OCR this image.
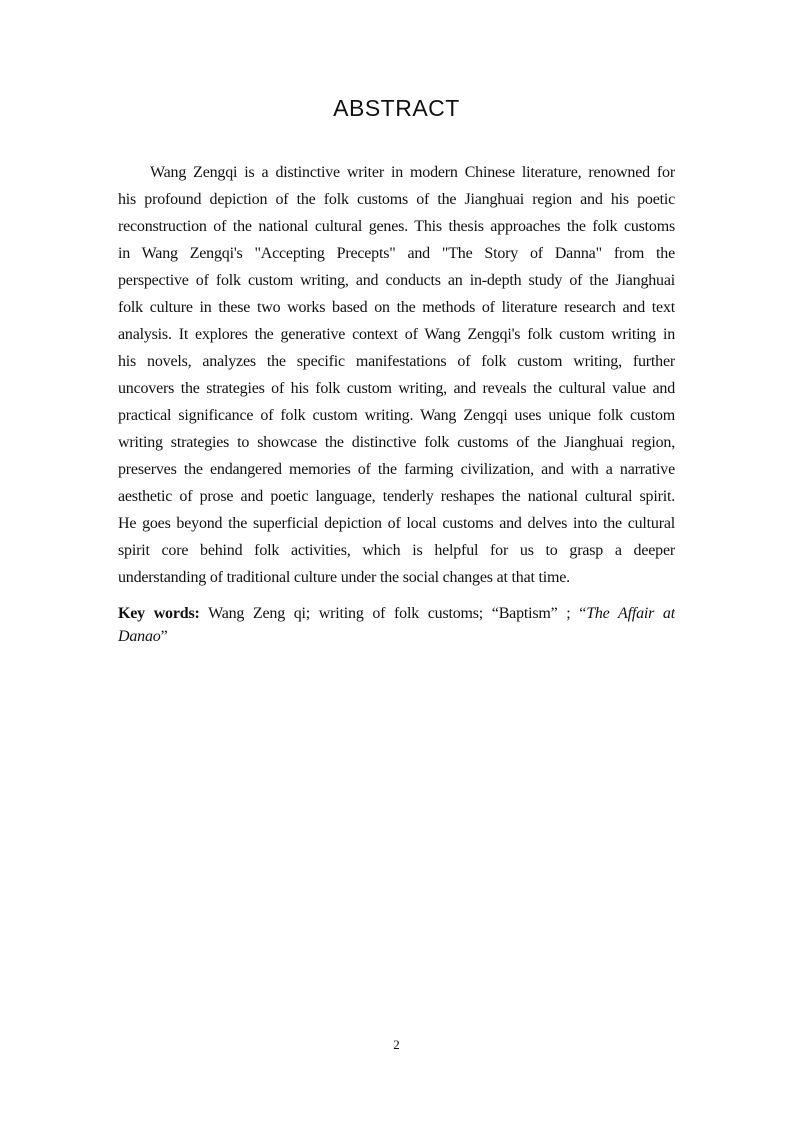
ABSTRACT
Wang Zengqi is a distinctive writer in modern Chinese literature, renowned for
his profound depiction of the folk customs of the Jianghuai region and his poetic
reconstruction of the national cultural genes. This thesis approaches the folk customs
in Wang Zengqi's "Accepting Precepts" and "The Story of Danna" from the
perspective of folk custom writing, and conducts an in-depth study of the Jianghuai
folk culture in these two works based on the methods of literature research and text
analysis. It explores the generative context of Wang Zengqi's folk custom writing in
his novels, analyzes the specific manifestations of folk custom writing, further
uncovers the strategies of his folk custom writing, and reveals the cultural value and
practical significance of folk custom writing. Wang Zengqi uses unique folk custom
writing strategies to showcase the distinctive folk customs of the Jianghuai region,
preserves the endangered memories of the farming civilization, and with a narrative
aesthetic of prose and poetic language, tenderly reshapes the national cultural spirit.
He goes beyond the superficial depiction of local customs and delves into the cultural
spirit core behind folk activities, which is helpful for us to grasp a deeper
understanding of traditional culture under the social changes at that time.

Key words: Wang Zeng qi; writing of folk customs; “Baptism” ; “The Affair at
Danao”

2
